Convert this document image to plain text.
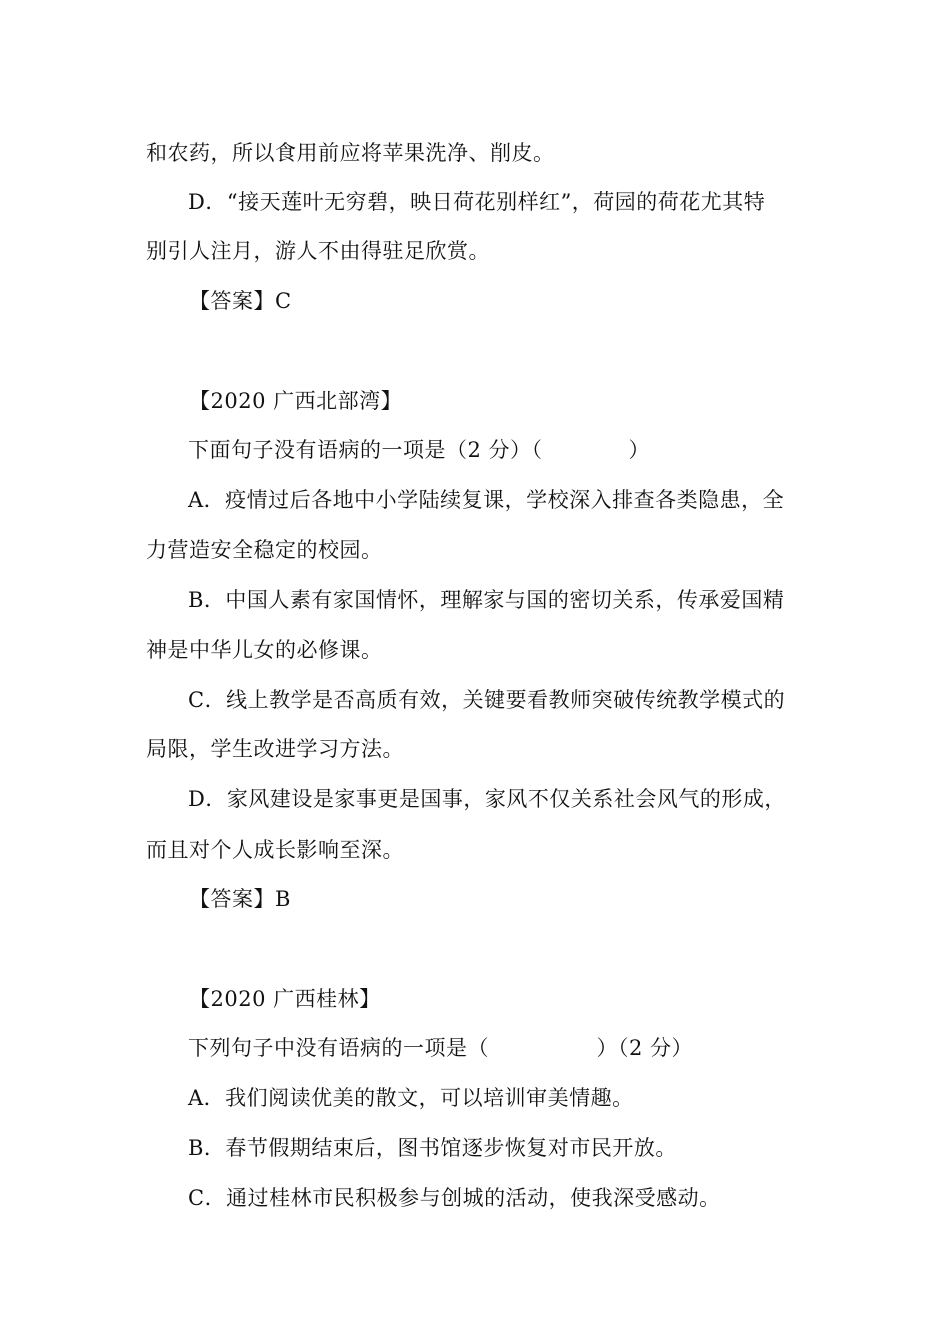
和农药，所以食用前应将苹果洗净、削皮。
D．“接天莲叶无穷碧，映日荷花别样红”，荷园的荷花尤其特
别引人注月，游人不由得驻足欣赏。
【答案】C
【2020 广西北部湾】
下面句子没有语病的一项是（2 分）（　　　　）
A．疫情过后各地中小学陆续复课，学校深入排查各类隐患，全
力营造安全稳定的校园。
B．中国人素有家国情怀，理解家与国的密切关系，传承爱国精
神是中华儿女的必修课。
C．线上教学是否高质有效，关键要看教师突破传统教学模式的
局限，学生改进学习方法。
D．家风建设是家事更是国事，家风不仅关系社会风气的形成，
而且对个人成长影响至深。
【答案】B
【2020 广西桂林】
下列句子中没有语病的一项是（　　　　　）（2 分）
A．我们阅读优美的散文，可以培训审美情趣。
B．春节假期结束后，图书馆逐步恢复对市民开放。
C．通过桂林市民积极参与创城的活动，使我深受感动。
